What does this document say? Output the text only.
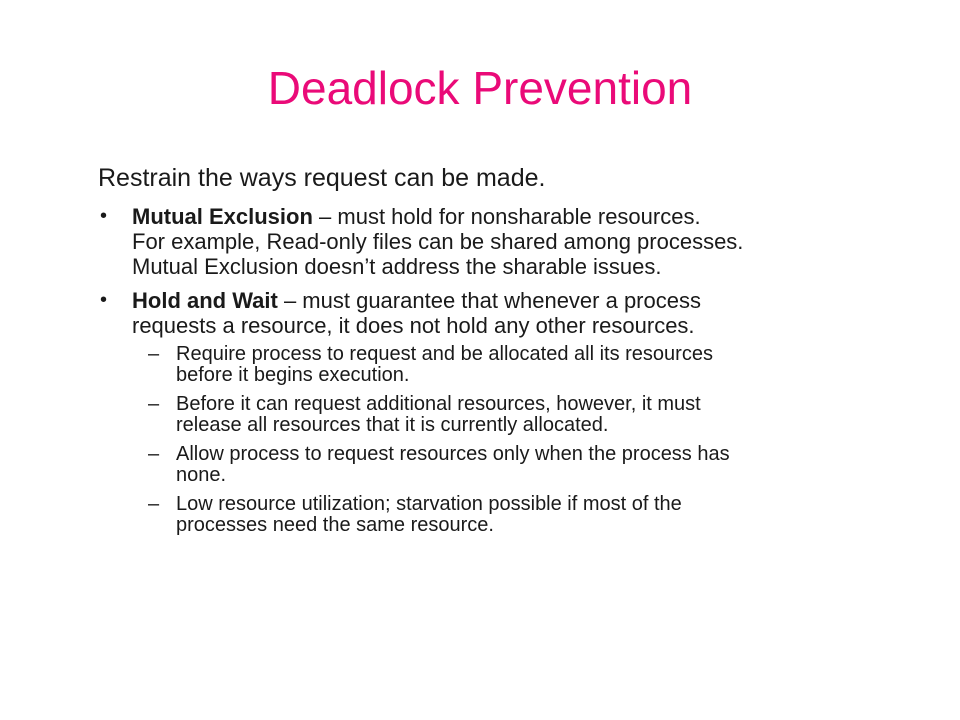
Deadlock Prevention
Restrain the ways request can be made.
• Mutual Exclusion – must hold for nonsharable resources.
For example, Read-only files can be shared among processes.
Mutual Exclusion doesn’t address the sharable issues.
• Hold and Wait – must guarantee that whenever a process
requests a resource, it does not hold any other resources.
– Require process to request and be allocated all its resources
before it begins execution.
– Before it can request additional resources, however, it must
release all resources that it is currently allocated.
– Allow process to request resources only when the process has
none.
– Low resource utilization; starvation possible if most of the
processes need the same resource.
